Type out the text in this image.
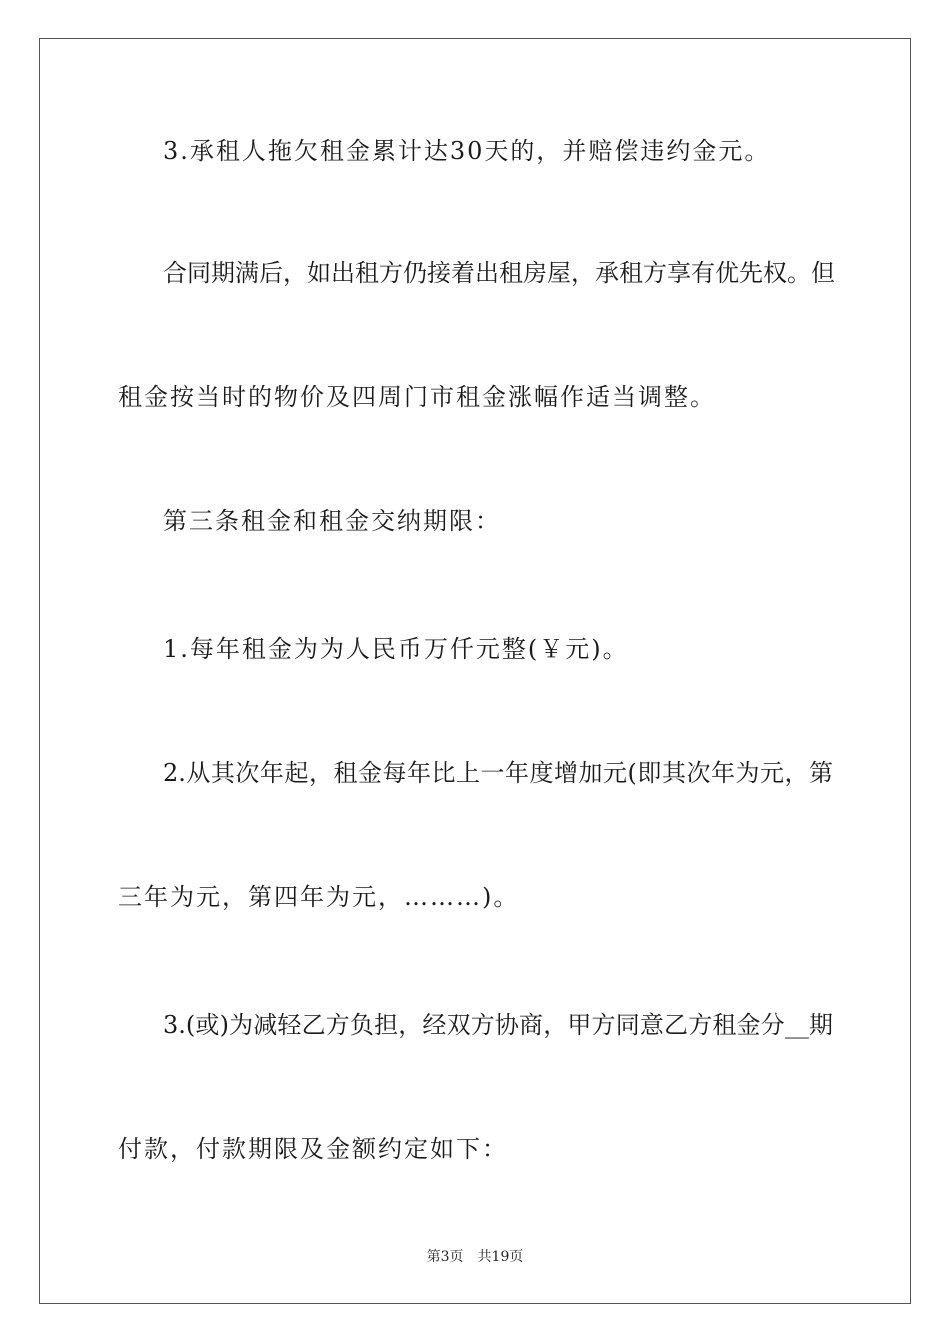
3.承租人拖欠租金累计达30天的，并赔偿违约金元。
合同期满后，如出租方仍接着出租房屋，承租方享有优先权。但
租金按当时的物价及四周门市租金涨幅作适当调整。
第三条租金和租金交纳期限：
1.每年租金为为人民币万仟元整(￥元)。
2.从其次年起，租金每年比上一年度增加元(即其次年为元，第
三年为元，第四年为元，………)。
3.(或)为减轻乙方负担，经双方协商，甲方同意乙方租金分__期
付款，付款期限及金额约定如下：
第3页 共19页
